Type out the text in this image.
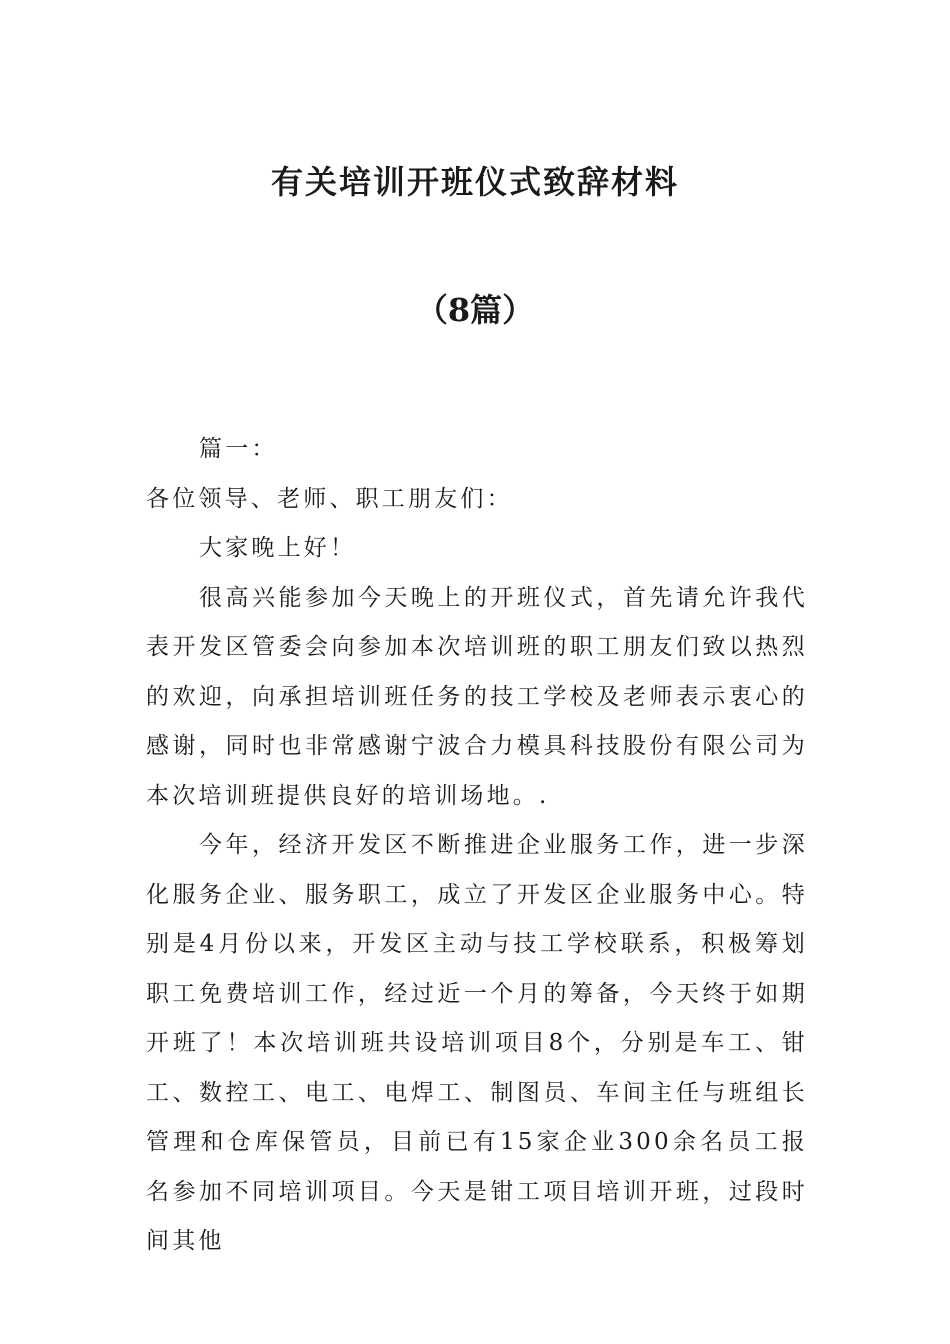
有关培训开班仪式致辞材料
（8篇）

篇一：

各位领导、老师、职工朋友们：

大家晚上好！

很高兴能参加今天晚上的开班仪式，首先请允许我代表开发区管委会向参加本次培训班的职工朋友们致以热烈的欢迎，向承担培训班任务的技工学校及老师表示衷心的感谢，同时也非常感谢宁波合力模具科技股份有限公司为本次培训班提供良好的培训场地。.

今年，经济开发区不断推进企业服务工作，进一步深化服务企业、服务职工，成立了开发区企业服务中心。特别是4月份以来，开发区主动与技工学校联系，积极筹划职工免费培训工作，经过近一个月的筹备，今天终于如期开班了！本次培训班共设培训项目8个，分别是车工、钳工、数控工、电工、电焊工、制图员、车间主任与班组长管理和仓库保管员，目前已有15家企业300余名员工报名参加不同培训项目。今天是钳工项目培训开班，过段时间其他
